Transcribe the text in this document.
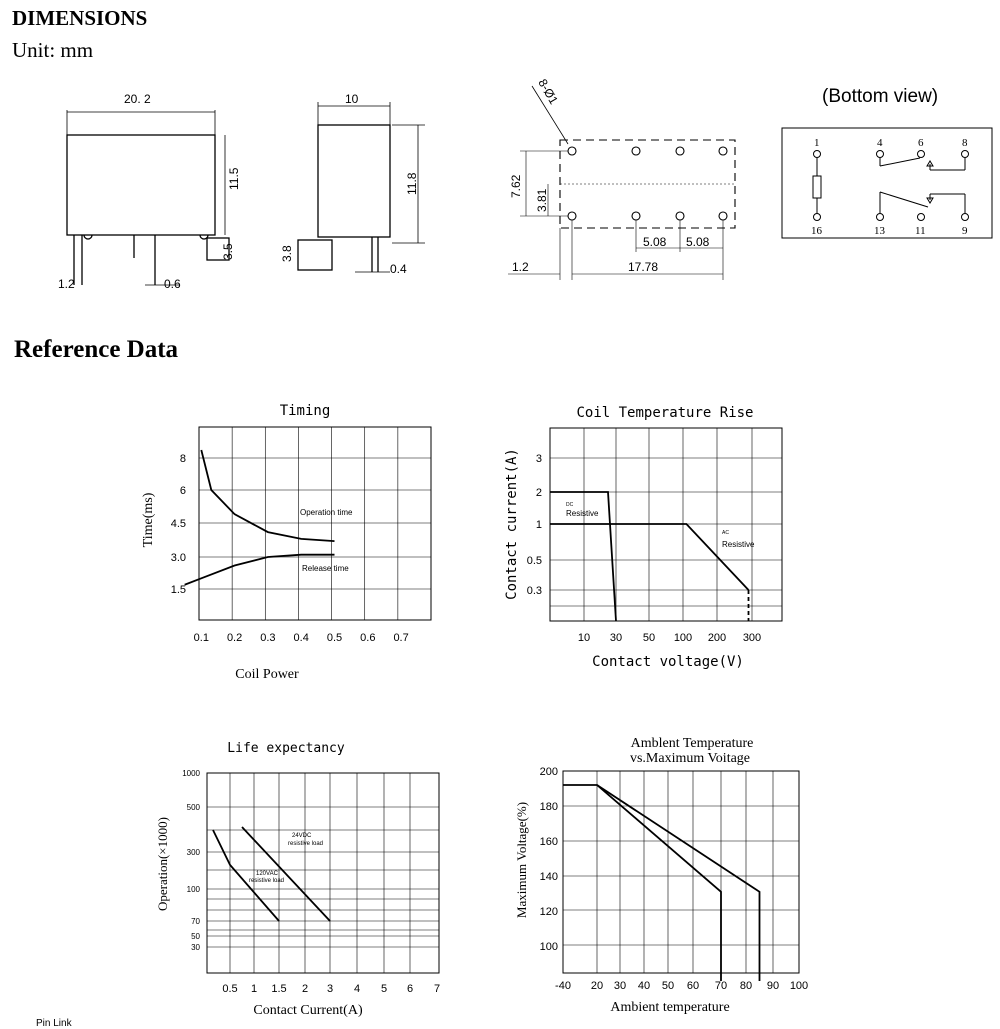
DIMENSIONS
Unit: mm
(Bottom view)
Reference Data
20. 2
11.5
3.5
1.2	0.6
10
11.8
3.8
0.4
8-Ø1
7.62
3.81
5.08 5.08
1.2	17.78
1	4	6	8
16	13	11	9
Timing
Coil Power
Time(ms)
0.1 0.2 0.3 0.4 0.5 0.6 0.7
8
6
4.5
3.0
1.5
Operation time
Release time
Coil Temperature Rise
Contact voltage(V)
Contact current(A)
10 30 50 100 200 300
3
2
1
0.5
0.3
DC
Resistive
AC
Resistive
Life expectancy
Contact Current(A)
Operation(×1000)
0.5 1 1.5 2 3 4 5 6 7
1000
500
300
100
70
50
30
24VDC
resistive load
120VAC
resistive load
Amblent Temperature
vs.Maximum Voitage
Ambient temperature
Maximum Voltage(%)
-40 20 30 40 50 60 70 80 90 100
200
180
160
140
120
100
Pin Link
